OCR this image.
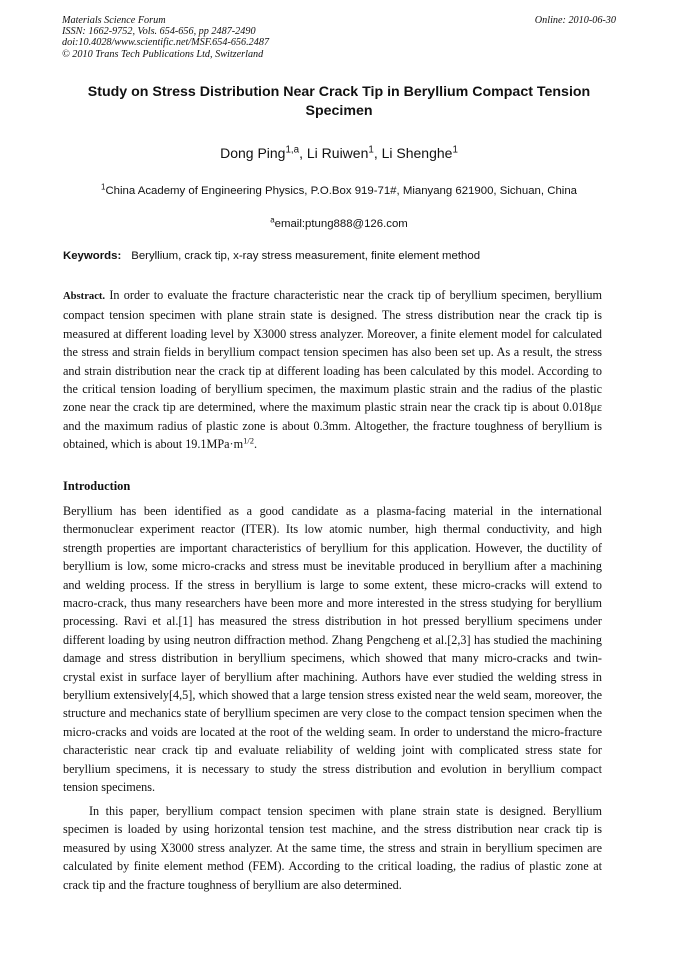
Materials Science Forum
ISSN: 1662-9752, Vols. 654-656, pp 2487-2490
doi:10.4028/www.scientific.net/MSF.654-656.2487
© 2010 Trans Tech Publications Ltd, Switzerland
Online: 2010-06-30
Study on Stress Distribution Near Crack Tip in Beryllium Compact Tension Specimen
Dong Ping$^{1,a}$, Li Ruiwen$^1$, Li Shenghe$^1$
$^1$China Academy of Engineering Physics, P.O.Box 919-71#, Mianyang 621900, Sichuan, China
$^a$email:ptung888@126.com
Keywords: Beryllium, crack tip, x-ray stress measurement, finite element method

Abstract. In order to evaluate the fracture characteristic near the crack tip of beryllium specimen, beryllium compact tension specimen with plane strain state is designed. The stress distribution near the crack tip is measured at different loading level by X3000 stress analyzer. Moreover, a finite element model for calculated the stress and strain fields in beryllium compact tension specimen has also been set up. As a result, the stress and strain distribution near the crack tip at different loading has been calculated by this model. According to the critical tension loading of beryllium specimen, the maximum plastic strain and the radius of the plastic zone near the crack tip are determined, where the maximum plastic strain near the crack tip is about 0.018με and the maximum radius of plastic zone is about 0.3mm. Altogether, the fracture toughness of beryllium is obtained, which is about $19.1MPa\cdot m^{1/2}$.

Introduction

Beryllium has been identified as a good candidate as a plasma-facing material in the international thermonuclear experiment reactor (ITER). Its low atomic number, high thermal conductivity, and high strength properties are important characteristics of beryllium for this application. However, the ductility of beryllium is low, some micro-cracks and stress must be inevitable produced in beryllium after a machining and welding process. If the stress in beryllium is large to some extent, these micro-cracks will extend to macro-crack, thus many researchers have been more and more interested in the stress studying for beryllium processing. Ravi et al.[1] has measured the stress distribution in hot pressed beryllium specimens under different loading by using neutron diffraction method. Zhang Pengcheng et al.[2,3] has studied the machining damage and stress distribution in beryllium specimens, which showed that many micro-cracks and twin-crystal exist in surface layer of beryllium after machining. Authors have ever studied the welding stress in beryllium extensively[4,5], which showed that a large tension stress existed near the weld seam, moreover, the structure and mechanics state of beryllium specimen are very close to the compact tension specimen when the micro-cracks and voids are located at the root of the welding seam. In order to understand the micro-fracture characteristic near crack tip and evaluate reliability of welding joint with complicated stress state for beryllium specimens, it is necessary to study the stress distribution and evolution in beryllium compact tension specimens.

In this paper, beryllium compact tension specimen with plane strain state is designed. Beryllium specimen is loaded by using horizontal tension test machine, and the stress distribution near crack tip is measured by using X3000 stress analyzer. At the same time, the stress and strain in beryllium specimen are calculated by finite element method (FEM). According to the critical loading, the radius of plastic zone at crack tip and the fracture toughness of beryllium are also determined.
